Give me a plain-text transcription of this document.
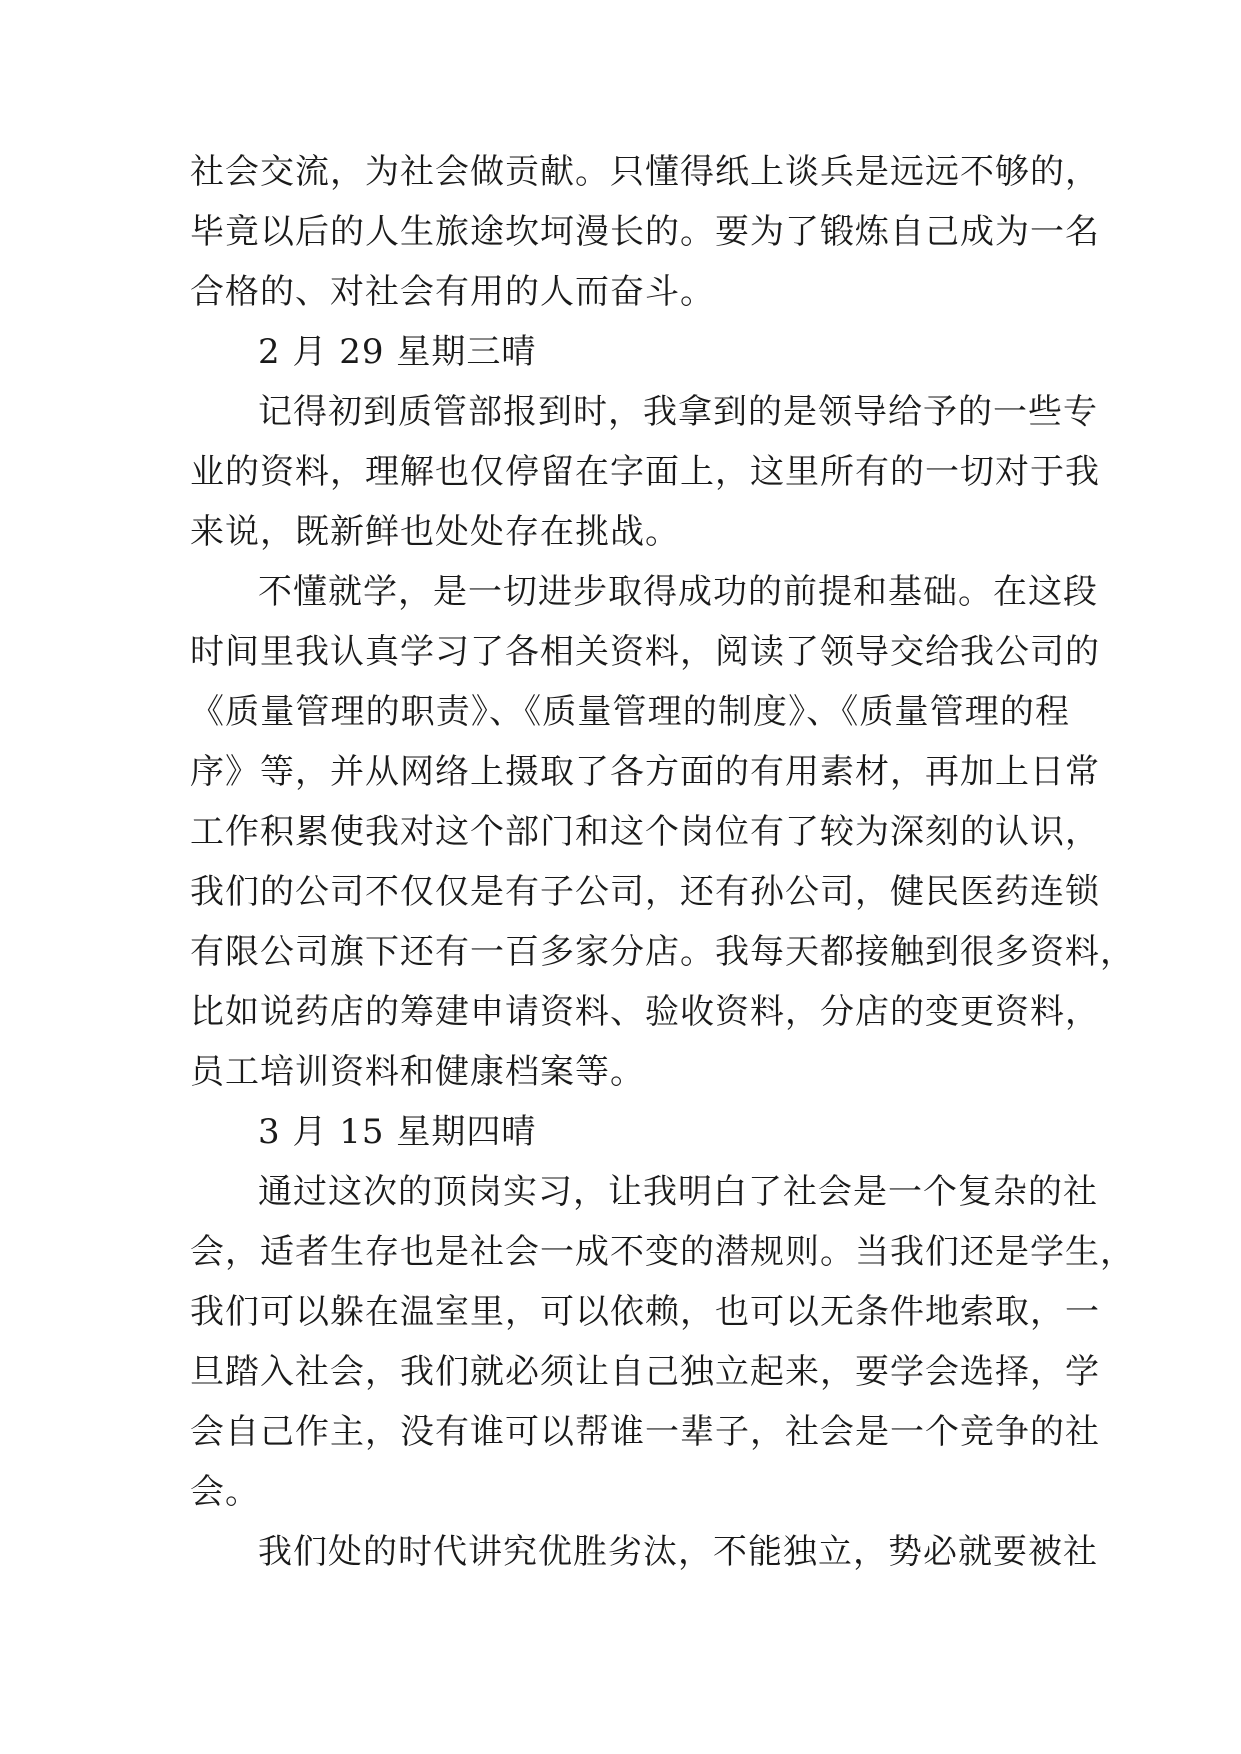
社会交流，为社会做贡献。只懂得纸上谈兵是远远不够的，
毕竟以后的人生旅途坎坷漫长的。要为了锻炼自己成为一名
合格的、对社会有用的人而奋斗。
2 月 29 星期三晴
记得初到质管部报到时，我拿到的是领导给予的一些专
业的资料，理解也仅停留在字面上，这里所有的一切对于我
来说，既新鲜也处处存在挑战。
不懂就学，是一切进步取得成功的前提和基础。在这段
时间里我认真学习了各相关资料，阅读了领导交给我公司的
《质量管理的职责》、《质量管理的制度》、《质量管理的程
序》等，并从网络上摄取了各方面的有用素材，再加上日常
工作积累使我对这个部门和这个岗位有了较为深刻的认识，
我们的公司不仅仅是有子公司，还有孙公司，健民医药连锁
有限公司旗下还有一百多家分店。我每天都接触到很多资料，
比如说药店的筹建申请资料、验收资料，分店的变更资料，
员工培训资料和健康档案等。
3 月 15 星期四晴
通过这次的顶岗实习，让我明白了社会是一个复杂的社
会，适者生存也是社会一成不变的潜规则。当我们还是学生，
我们可以躲在温室里，可以依赖，也可以无条件地索取，一
旦踏入社会，我们就必须让自己独立起来，要学会选择，学
会自己作主，没有谁可以帮谁一辈子，社会是一个竞争的社
会。
我们处的时代讲究优胜劣汰，不能独立，势必就要被社
